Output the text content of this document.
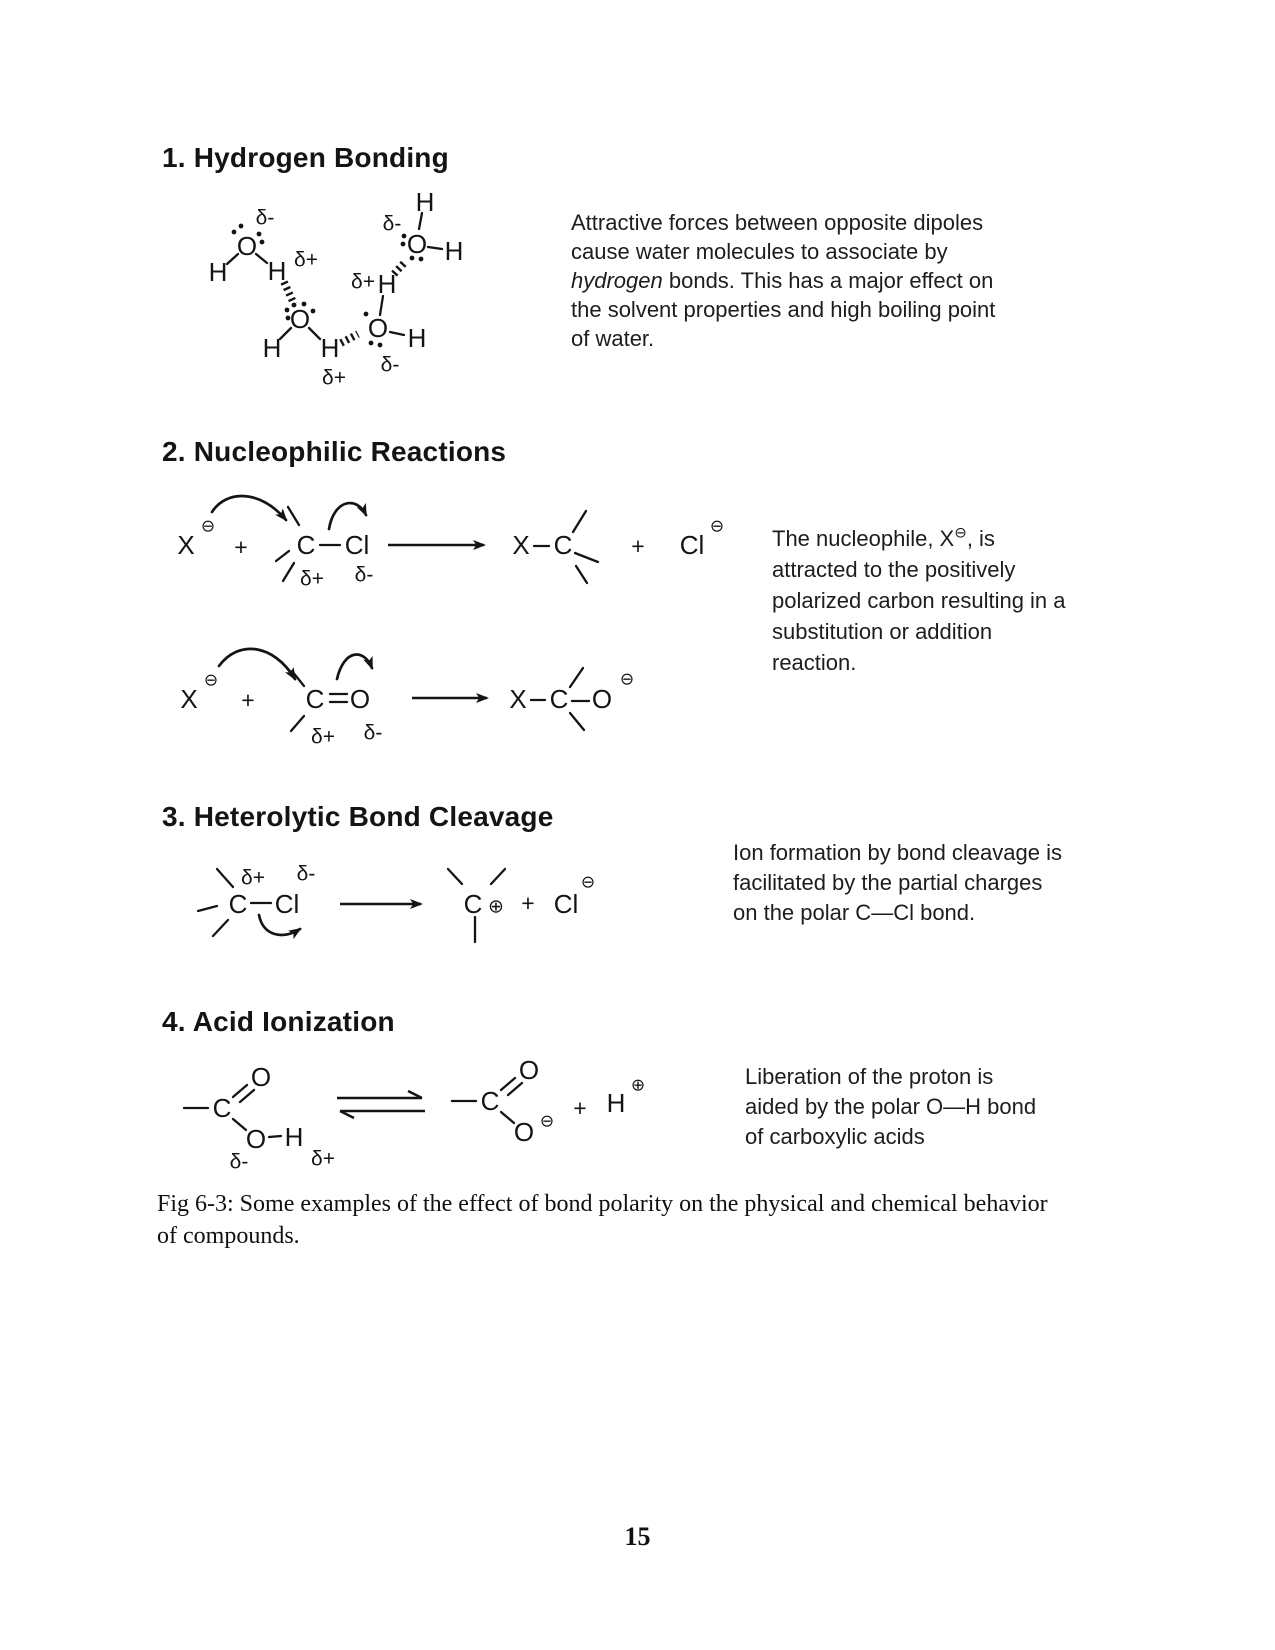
1. Hydrogen Bonding
δ-
O
H H δ+
O
H H
δ+
O
H
δ+
H
δ-
H
δ-
O H
Attractive forces between opposite dipoles
cause water molecules to associate by
hydrogen bonds. This has a major effect on
the solvent properties and high boiling point
of water.
2. Nucleophilic Reactions
X
⊖
+ C Cl
δ+ δ-
X C	+ Cl
⊖ The nucleophile, X⊖, is
attracted to the positively
polarized carbon resulting in a
substitution or addition
reaction.
X
⊖
+ C O
δ+ δ-
X C O
⊖
3. Heterolytic Bond Cleavage
δ+ δ-
C Cl	C ⊕ + Cl
⊖
Ion formation by bond cleavage is
facilitated by the partial charges
on the polar C—Cl bond.
4. Acid Ionization
C
O
O H
δ-	δ+
C
O
O ⊖ + H
⊕	Liberation of the proton is
aided by the polar O—H bond
of carboxylic acids
Fig 6-3: Some examples of the effect of bond polarity on the physical and chemical behavior
of compounds.
15
